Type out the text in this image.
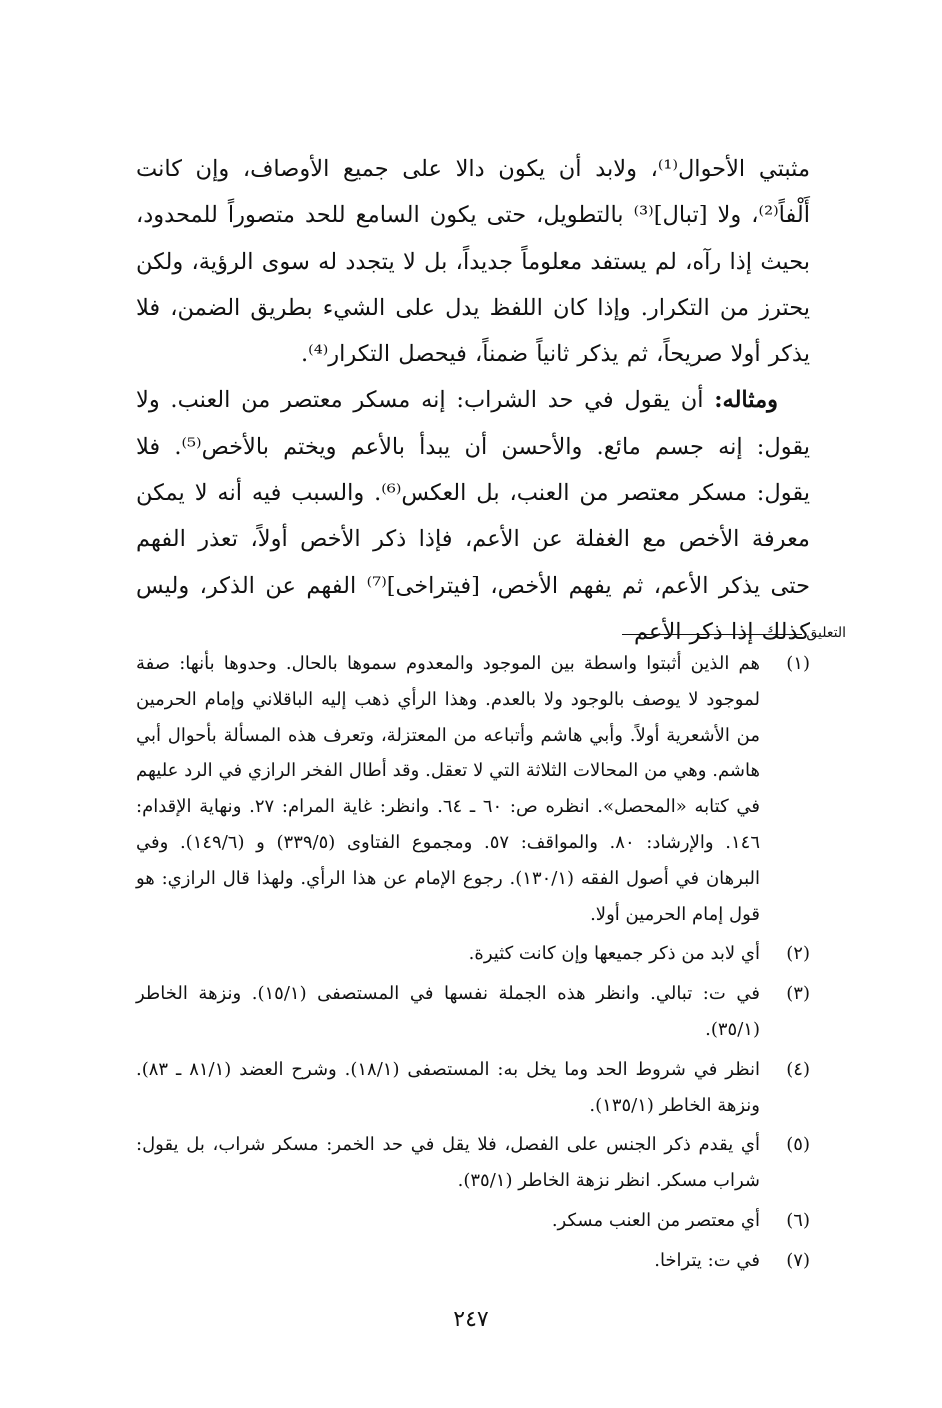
مثبتي الأحوال⁽¹⁾، ولابد أن يكون دالا على جميع الأوصاف، وإن كانت أَلْفاً⁽²⁾، ولا [تبال]⁽³⁾ بالتطويل، حتى يكون السامع للحد متصوراً للمحدود، بحيث إذا رآه، لم يستفد معلوماً جديداً، بل لا يتجدد له سوى الرؤية، ولكن يحترز من التكرار. وإذا كان اللفظ يدل على الشيء بطريق الضمن، فلا يذكر أولا صريحاً، ثم يذكر ثانياً ضمناً، فيحصل التكرار⁽⁴⁾.

ومثاله: أن يقول في حد الشراب: إنه مسكر معتصر من العنب. ولا يقول: إنه جسم مائع. والأحسن أن يبدأ بالأعم ويختم بالأخص⁽⁵⁾. فلا يقول: مسكر معتصر من العنب، بل العكس⁽⁶⁾. والسبب فيه أنه لا يمكن معرفة الأخص مع الغفلة عن الأعم، فإذا ذكر الأخص أولاً، تعذر الفهم حتى يذكر الأعم، ثم يفهم الأخص، [فيتراخى]⁽⁷⁾ الفهم عن الذكر، وليس كذلك إذا ذكر الأعم

التعليق
(١)
هم الذين أثبتوا واسطة بين الموجود والمعدوم سموها بالحال. وحدوها بأنها: صفة لموجود لا يوصف بالوجود ولا بالعدم. وهذا الرأي ذهب إليه الباقلاني وإمام الحرمين من الأشعرية أولاً. وأبي هاشم وأتباعه من المعتزلة، وتعرف هذه المسألة بأحوال أبي هاشم. وهي من المحالات الثلاثة التي لا تعقل. وقد أطال الفخر الرازي في الرد عليهم في كتابه «المحصل». انظره ص: ٦٠ ـ ٦٤. وانظر: غاية المرام: ٢٧. ونهاية الإقدام: ١٤٦. والإرشاد: ٨٠. والمواقف: ٥٧. ومجموع الفتاوى (٣٣٩/٥) و (١٤٩/٦). وفي البرهان في أصول الفقه (١٣٠/١). رجوع الإمام عن هذا الرأي. ولهذا قال الرازي: هو قول إمام الحرمين أولا.
(٢)
أي لابد من ذكر جميعها وإن كانت كثيرة.
(٣)
في ت: تبالي. وانظر هذه الجملة نفسها في المستصفى (١٥/١). ونزهة الخاطر (٣٥/١).
(٤)
انظر في شروط الحد وما يخل به: المستصفى (١٨/١). وشرح العضد (٨١/١ ـ ٨٣). ونزهة الخاطر (١٣٥/١).
(٥)
أي يقدم ذكر الجنس على الفصل، فلا يقل في حد الخمر: مسكر شراب، بل يقول: شراب مسكر. انظر نزهة الخاطر (٣٥/١).
(٦)
أي معتصر من العنب مسكر.
(٧)
في ت: يتراخا.
٢٤٧
